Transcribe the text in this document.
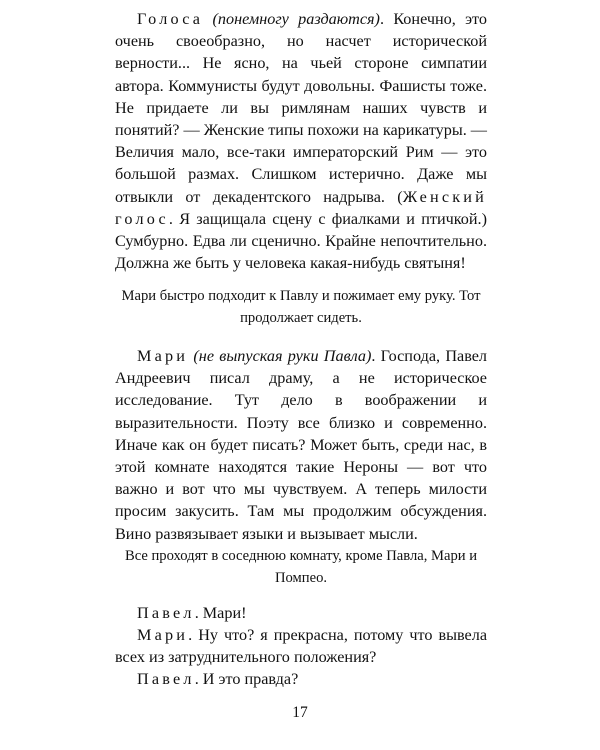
Голоса (понемногу раздаются). Конечно, это очень своеобразно, но насчет исторической верности... Не ясно, на чьей стороне симпатии автора. Коммунисты будут довольны. Фашисты тоже. Не придаете ли вы римлянам наших чувств и понятий? — Женские типы похожи на карикатуры. — Величия мало, все-таки императорский Рим — это большой размах. Слишком истерично. Даже мы отвыкли от декадентского надрыва. (Женский голос. Я защищала сцену с фиалками и птичкой.) Сумбурно. Едва ли сценично. Крайне непочтительно. Должна же быть у человека какая-нибудь святыня!

Мари быстро подходит к Павлу и пожимает ему руку. Тот продолжает сидеть.

Мари (не выпуская руки Павла). Господа, Павел Андреевич писал драму, а не историческое исследование. Тут дело в воображении и выразительности. Поэту все близко и современно. Иначе как он будет писать? Может быть, среди нас, в этой комнате находятся такие Нероны — вот что важно и вот что мы чувствуем. А теперь милости просим закусить. Там мы продолжим обсуждения. Вино развязывает языки и вызывает мысли.

Все проходят в соседнюю комнату, кроме Павла, Мари и Помпео.

Павел. Мари!

Мари. Ну что? я прекрасна, потому что вывела всех из затруднительного положения?

Павел. И это правда?

17
